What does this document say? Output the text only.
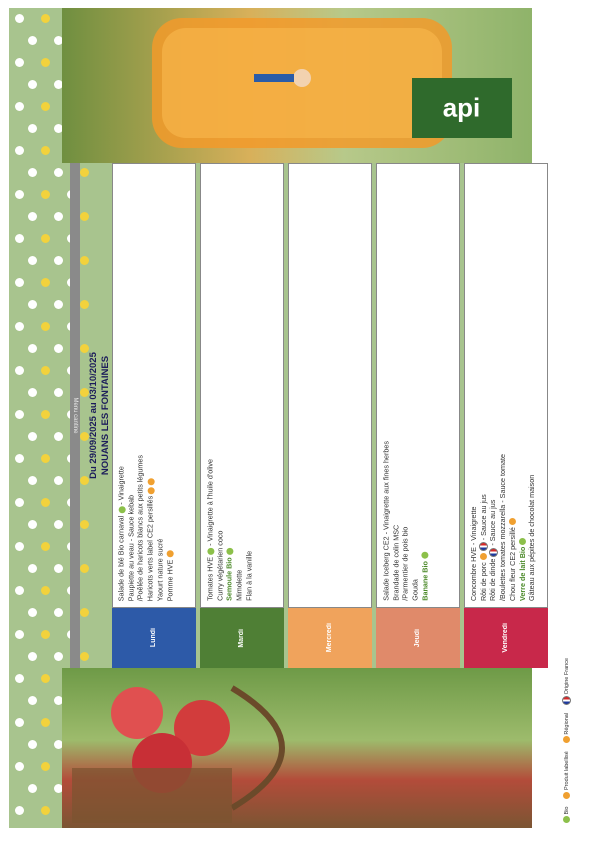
api
Menu cantine NOUANS LES FONTAINES
Du 29/09/2025 au 03/10/2025
Lundi
Salade de blé Bio carnaval - Vinaigrette
Paupiette au veau - Sauce kebab /Poêlée de haricots blancs aux petits légumes Haricots verts label CE2 persillés Yaourt nature sucré Pomme HVE
Mardi
Tomates HVE - Vinaigrette à l'huile d'olive
Curry végétarien coco Semoule Bio Mimolette Flan à la vanille
Mercredi	Jeudi
Salade Iceberg CE2 - Vinaigrette aux fines herbes Brandade de colin MSC /Parmentier de pois bio Gouda Banane Bio
Vendredi
Concombre HVE - Vinaigrette Rôti de porc - Sauce au jus
Rôti de dinde - Sauce au jus /Boulettes tomates mozzarella - Sauce tomate Chou fleur CE2 persillé Verre de lait Bio Gâteau aux pépites de chocolat maison
Bio Produit labellisé Régional Origine France
